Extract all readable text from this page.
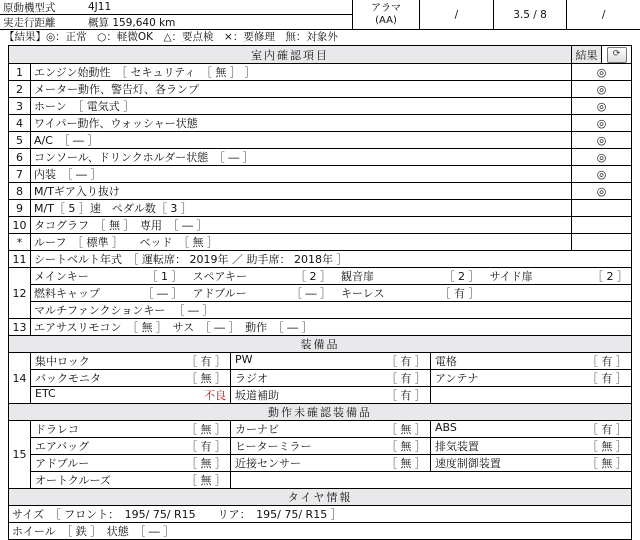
原動機型式	4J11
実走行距離	概算 159,640 km
アラマ
(AA)	/	3.5 / 8	/
【結果】◎：正常　○：軽微OK　△：要点検　×：要修理　無：対象外
室内確認項目		結果	⟳
1	エンジン始動性　［ セキュリティ　［ 無 ］ ］	◎	
2	メーター動作、警告灯、各ランプ	◎	
3	ホーン　［ 電気式 ］	◎	
4	ワイパー動作、ウォッシャー状態	◎	
5	A/C　［ ― ］	◎	
6	コンソール、ドリンクホルダー状態　［ ― ］	◎	
7	内装　［ ― ］	◎	
8	M/Tギア入り抜け	◎	
9	M/T［ 5 ］速　ペダル数［ 3 ］		
10	タコグラフ　［ 無 ］　専用　［ ― ］		
*	ルーフ　［ 標準 ］　　ベッド　［ 無 ］		
11	シートベルト年式　［ 運転席： 2019年 ／ 助手席： 2018年 ］		
12	
メインキー	［ 1 ］ スペアキー	［ 2 ］ 観音扉	［ 2 ］ サイド扉	［ 2 ］

燃料キャップ	［ ― ］ アドブルー	［ ― ］ キーレス	［ 有 ］

	マルチファンクションキー ［ ― ］		

13	エアサスリモコン　［ 無 ］　サス　［ ― ］　動作　［ ― ］		
装備品			
14	
集中ロック	［ 有 ］ PW	［ 有 ］ 電格	［ 有 ］

バックモニタ	［ 無 ］ ラジオ	［ 有 ］ アンテナ	［ 有 ］

	ETC 不良 坂道補助 ［ 有 ］		

動作未確認装備品			
15	
ドラレコ	［ 無 ］ カーナビ	［ 無 ］ ABS	［ 有 ］

エアバッグ	［ 有 ］ ヒーターミラー	［ 無 ］ 排気装置	［ 無 ］

アドブルー	［ 無 ］ 近接センサー	［ 無 ］ 速度制御装置	［ 無 ］

	オートクルーズ ［ 無 ］		

タイヤ情報			
サイズ　［ フロント：　195/ 75/ R15　　リア：　195/ 75/ R15 ］			
ホイール　［ 鉄 ］　状態　［ ― ］			
